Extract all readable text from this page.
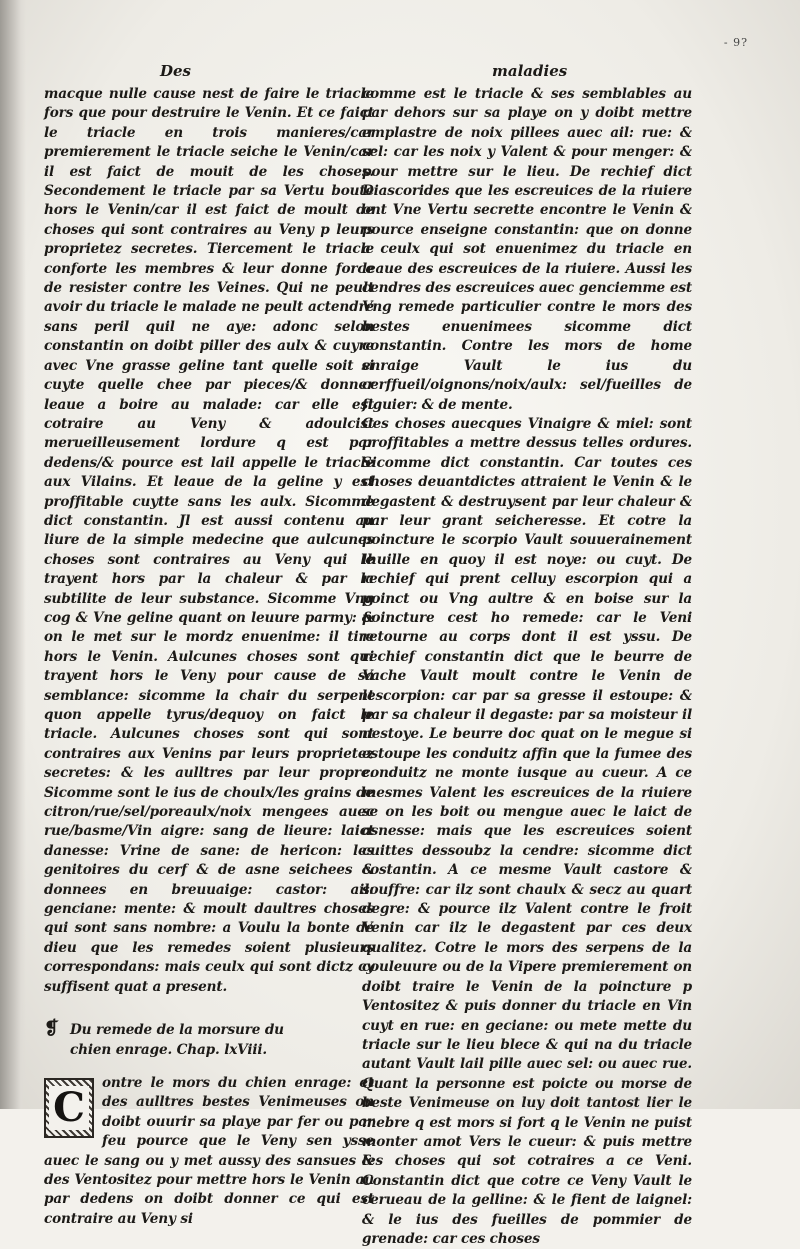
- 9?
Des	maladies

macque nulle cause nest de faire le triacle fors que pour destruire le Venin. Et ce faict le triacle en trois manieres/car premierement le triacle seiche le Venin/car il est faict de mouit de les choses. Secondement le triacle par sa Vertu boute hors le Venin/car il est faict de moult de choses qui sont contraires au Veny p leurs proprietez secretes. Tiercement le triacle conforte les membres & leur donne force de resister contre les Veines. Qui ne peult avoir du triacle le malade ne peult actendre sans peril quil ne aye: adonc selon constantin on doibt piller des aulx & cuyre avec Vne grasse geline tant quelle soit si cuyte quelle chee par pieces/& donner leaue a boire au malade: car elle est cotraire au Veny & adoulcist merueilleusement lordure q est par dedens/& pource est lail appelle le triacle aux Vilains. Et leaue de la geline y est proffitable cuytte sans les aulx. Sicomme dict constantin. Jl est aussi contenu au liure de la simple medecine que aulcunes choses sont contraires au Veny qui le trayent hors par la chaleur & par la subtilite de leur substance. Sicomme Vng cog & Vne geline quant on leuure parmy: & on le met sur le mordz enuenime: il tire hors le Venin. Aulcunes choses sont qui trayent hors le Veny pour cause de sa semblance: sicomme la chair du serpent quon appelle tyrus/dequoy on faict le triacle. Aulcunes choses sont qui sont contraires aux Venins par leurs proprietez secretes: & les aulltres par leur propre. Sicomme sont le ius de choulx/les grains de citron/rue/sel/poreaulx/noix mengees auec rue/basme/Vin aigre: sang de lieure: laict danesse: Vrine de sane: de hericon: les genitoires du cerf & de asne seichees & donnees en breuuaige: castor: ail: genciane: mente: & moult daultres choses qui sont sans nombre: a Voulu la bonte de dieu que les remedes soient plusieurs correspondans: mais ceulx qui sont dictz cy suffisent quat a present.

❡ Du remede de la morsure du
chien enrage. Chap. lxViii.

C
ontre le mors du chien enrage: et des aulltres bestes Venimeuses on doibt ouurir sa playe par fer ou par feu pource que le Veny sen ysse auec le sang ou y met aussy des sansues & des Ventositez pour mettre hors le Venin au par dedens on doibt donner ce qui est contraire au Veny si

comme est le triacle & ses semblables au par dehors sur sa playe on y doibt mettre emplastre de noix pillees auec ail: rue: & sel: car les noix y Valent & pour menger: & pour mettre sur le lieu. De rechief dict Diascorides que les escreuices de la riuiere ont Vne Vertu secrette encontre le Venin & pource enseigne constantin: que on donne a ceulx qui sot enuenimez du triacle en leaue des escreuices de la riuiere. Aussi les cendres des escreuices auec genciemme est Vng remede particulier contre le mors des bestes enuenimees sicomme dict constantin. Contre les mors de home enraige Vault le ius du cerffueil/oignons/noix/aulx: sel/fueilles de figuier: & de mente.

Ces choses auecques Vinaigre & miel: sont proffitables a mettre dessus telles ordures. Sicomme dict constantin. Car toutes ces choses deuantdictes attraient le Venin & le degastent & destruysent par leur chaleur & par leur grant seicheresse. Et cotre la poincture le scorpio Vault souuerainement lhuille en quoy il est noye: ou cuyt. De rechief qui prent celluy escorpion qui a poinct ou Vng aultre & en boise sur la poincture cest ho remede: car le Veni retourne au corps dont il est yssu. De rechief constantin dict que le beurre de Vache Vault moult contre le Venin de lescorpion: car par sa gresse il estoupe: & par sa chaleur il degaste: par sa moisteur il nestoye. Le beurre doc quat on le megue si estoupe les conduitz affin que la fumee des conduitz ne monte iusque au cueur. A ce mesmes Valent les escreuices de la riuiere se on les boit ou mengue auec le laict de asnesse: mais que les escreuices soient cuittes dessoubz la cendre: sicomme dict costantin. A ce mesme Vault castore & souffre: car ilz sont chaulx & secz au quart degre: & pource ilz Valent contre le froit Venin car ilz le degastent par ces deux qualitez. Cotre le mors des serpens de la couleuure ou de la Vipere premierement on doibt traire le Venin de la poincture p Ventositez & puis donner du triacle en Vin cuyt en rue: en geciane: ou mete mette du triacle sur le lieu blece & qui na du triacle autant Vault lail pille auec sel: ou auec rue. Quant la personne est poicte ou morse de beste Venimeuse on luy doit tantost lier le mebre q est mors si fort q le Venin ne puist monter amot Vers le cueur: & puis mettre les choses qui sot cotraires a ce Veni. Constantin dict que cotre ce Veny Vault le cerueau de la gelline: & le fient de laignel: & le ius des fueilles de pommier de grenade: car ces choses
